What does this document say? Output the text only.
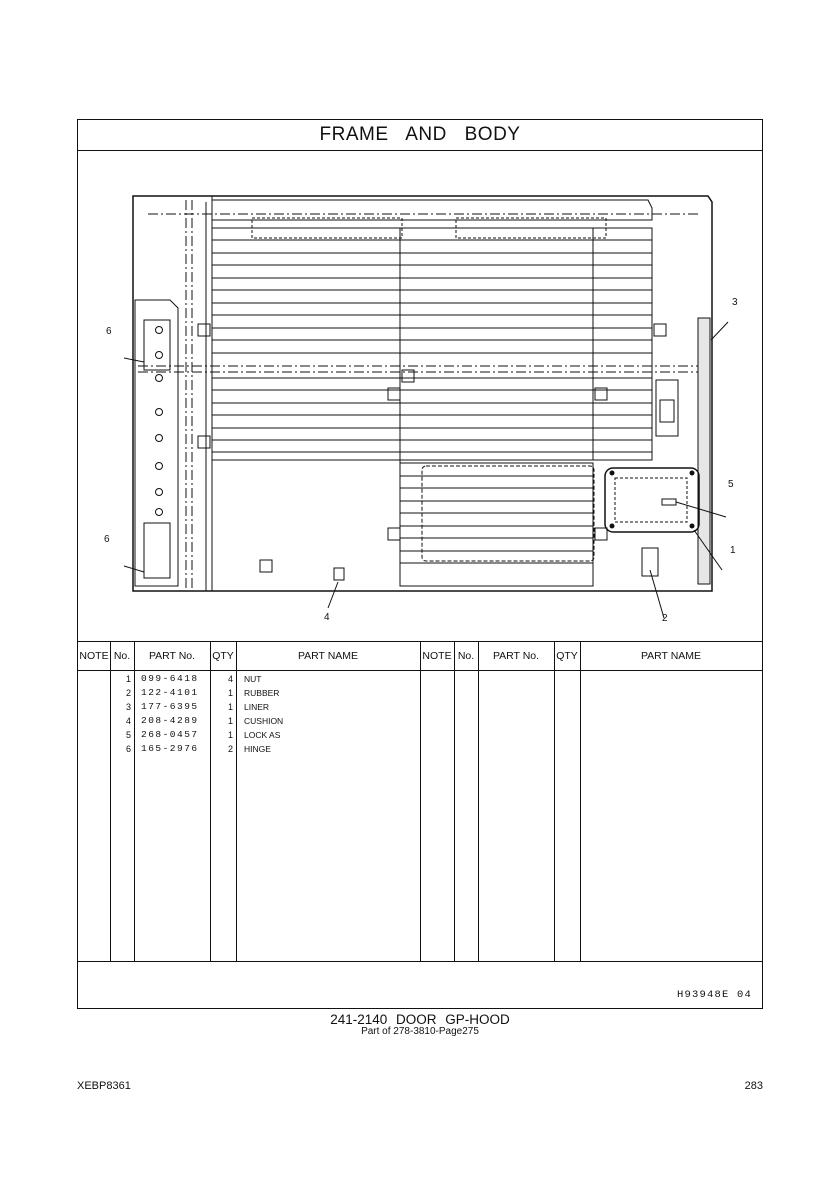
FRAME AND BODY
1
2
3
4
5
6
6
NOTE No.	PART No.	QTY	PART NAME	NOTE No.	PART No.	QTY	PART NAME
1 099-6418	4 NUT
2 122-4101	1 RUBBER
3 177-6395	1 LINER
4 208-4289	1 CUSHION
5 268-0457	1 LOCK AS
6 165-2976	2 HINGE
H93948E 04
241-2140 DOOR GP-HOOD
Part of 278-3810-Page275
XEBP8361	283
